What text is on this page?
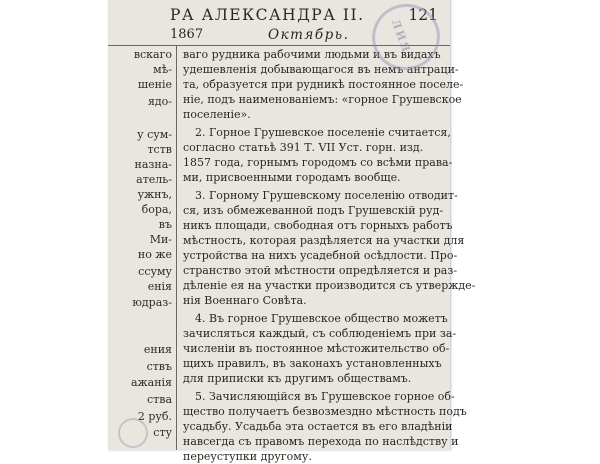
РА АЛЕКСАНДРА II.	121
1867	Октябрь.

вскаго

мѣ-

шеніе

ядо-

у сум-

тств

назна-

атель-

ужнъ,

бора,

въ

Ми-

но же

ссуму

енія

юдраз-

ения

ствъ

ажанія

ства

2 руб.

сту

ваго рудника рабочими людьми и въ видахъ

удешевленія добывающагося въ немъ антраци-

та, образуется при рудникѣ постоянное поселе-

ніе, подъ наименованіемъ: «горное Грушевское

поселеніе».

2. Горное Грушевское поселеніе считается,

согласно статьѣ 391 Т. VII Уст. горн. изд.

1857 года, горнымъ городомъ со всѣми права-

ми, присвоенными городамъ вообще.

3. Горному Грушевскому поселенію отводит-

ся, изъ обмежеванной подъ Грушевскій руд-

никъ площади, свободная отъ горныхъ работъ

мѣстность, которая раздѣляется на участки для

устройства на нихъ усадебной осѣдлости. Про-

странство этой мѣстности опредѣляется и раз-

дѣленіе ея на участки производится съ утвержде-

нія Военнаго Совѣта.

4. Въ горное Грушевское общество можетъ

зачисляться каждый, съ соблюденіемъ при за-

численіи въ постоянное мѣстожительство об-

щихъ правилъ, въ законахъ установленныхъ

для приписки къ другимъ обществамъ.

5. Зачисляющійся въ Грушевское горное об-

щество получаетъ безвозмездно мѣстность подъ

усадьбу. Усадьба эта остается въ его владѣніи

навсегда съ правомъ перехода по наслѣдству и

переуступки другому.

ЛИЯ
